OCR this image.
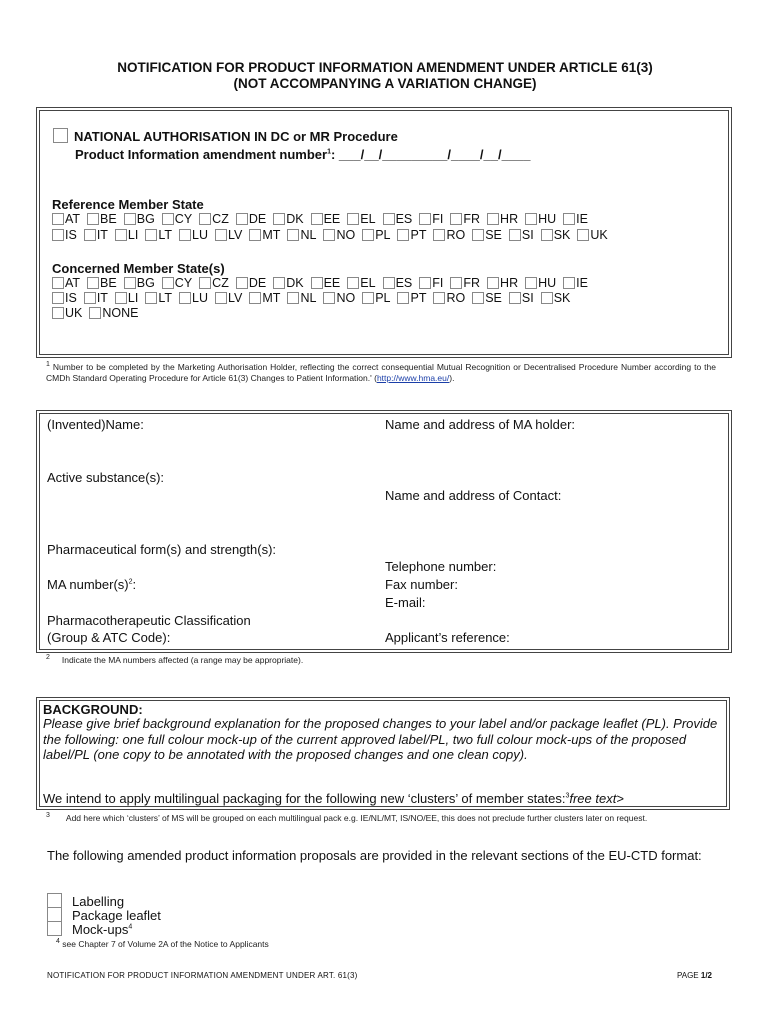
NOTIFICATION FOR PRODUCT INFORMATION AMENDMENT UNDER ARTICLE 61(3)
(NOT ACCOMPANYING A VARIATION CHANGE)
NATIONAL AUTHORISATION IN DC or MR Procedure
Product Information amendment number$^1$: ___/__/_________/____/__/____
Reference Member State
AT BE BG CY CZ DE DK EE EL ES FI FR HR HU IE
IS IT LI LT LU LV MT NL NO PL PT RO SE SI SK UK
Concerned Member State(s)
AT BE BG CY CZ DE DK EE EL ES FI FR HR HU IE
IS IT LI LT LU LV MT NL NO PL PT RO SE SI SK
UK NONE
$^1$ Number to be completed by the Marketing Authorisation Holder, reflecting the correct consequential Mutual Recognition or Decentralised Procedure Number according to the CMDh Standard Operating Procedure for Article 61(3) Changes to Patient Information.' (http://www.hma.eu/).
(Invented)Name:
Active substance(s):
Pharmaceutical form(s) and strength(s):
MA $number(s)^2$:
Pharmacotherapeutic Classification
(Group & ATC Code):
Name and address of MA holder:
Name and address of Contact:
Telephone number:
Fax number:
E-mail:
Applicant’s reference:
$^2$ Indicate the MA numbers affected (a range may be appropriate).
BACKGROUND:
Please give brief background explanation for the proposed changes to your label and/or package leaflet (PL). Provide the following: one full colour mock-up of the current approved label/PL, two full colour mock-ups of the proposed label/PL (one copy to be annotated with the proposed changes and one clean copy).
We intend to apply multilingual packaging for the following new ‘clusters’ of member states:$^3$free text>
$^3$ Add here which ‘clusters’ of MS will be grouped on each multilingual pack e.g. IE/NL/MT, IS/NO/EE, this does not preclude further clusters later on request.
The following amended product information proposals are provided in the relevant sections of the EU-CTD format:
Labelling
Package leaflet
Mock-ups$^4$
$^4$ see Chapter 7 of Volume 2A of the Notice to Applicants
NOTIFICATION FOR PRODUCT INFORMATION AMENDMENT UNDER ART. 61(3)	PAGE 1/2
